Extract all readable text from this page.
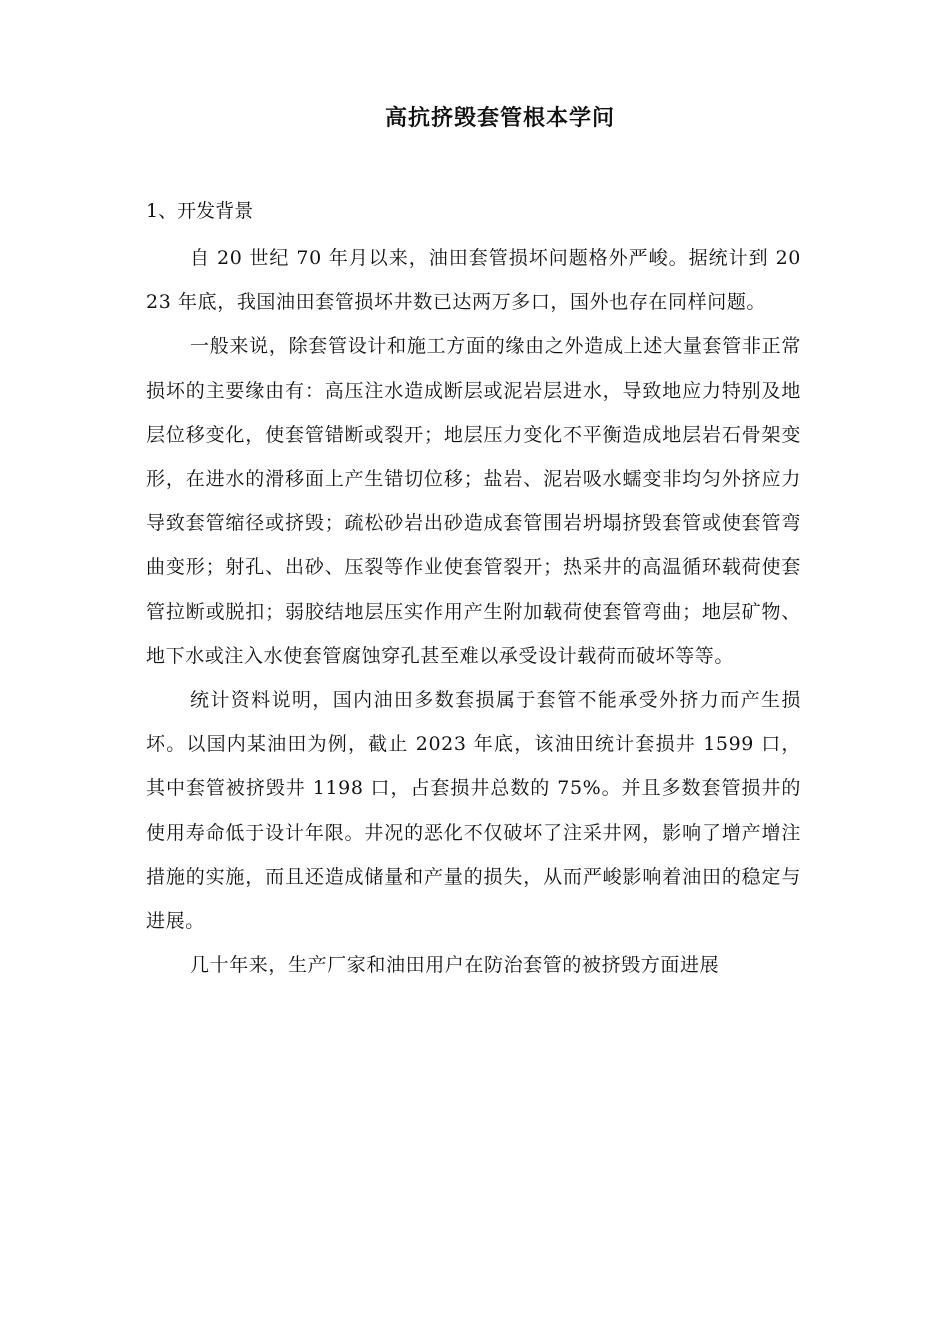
高抗挤毁套管根本学问
1、开发背景

自 20 世纪 70 年月以来，油田套管损坏问题格外严峻。据统计到 2023 年底，我国油田套管损坏井数已达两万多口，国外也存在同样问题。

一般来说，除套管设计和施工方面的缘由之外造成上述大量套管非正常损坏的主要缘由有：高压注水造成断层或泥岩层进水，导致地应力特别及地层位移变化，使套管错断或裂开；地层压力变化不平衡造成地层岩石骨架变形，在进水的滑移面上产生错切位移；盐岩、泥岩吸水蠕变非均匀外挤应力导致套管缩径或挤毁；疏松砂岩出砂造成套管围岩坍塌挤毁套管或使套管弯曲变形；射孔、出砂、压裂等作业使套管裂开；热采井的高温循环载荷使套管拉断或脱扣；弱胶结地层压实作用产生附加载荷使套管弯曲；地层矿物、地下水或注入水使套管腐蚀穿孔甚至难以承受设计载荷而破坏等等。

统计资料说明，国内油田多数套损属于套管不能承受外挤力而产生损坏。以国内某油田为例，截止 2023 年底，该油田统计套损井 1599 口，其中套管被挤毁井 1198 口，占套损井总数的 75%。并且多数套管损井的使用寿命低于设计年限。井况的恶化不仅破坏了注采井网，影响了增产增注措施的实施，而且还造成储量和产量的损失，从而严峻影响着油田的稳定与进展。

几十年来，生产厂家和油田用户在防治套管的被挤毁方面进展
